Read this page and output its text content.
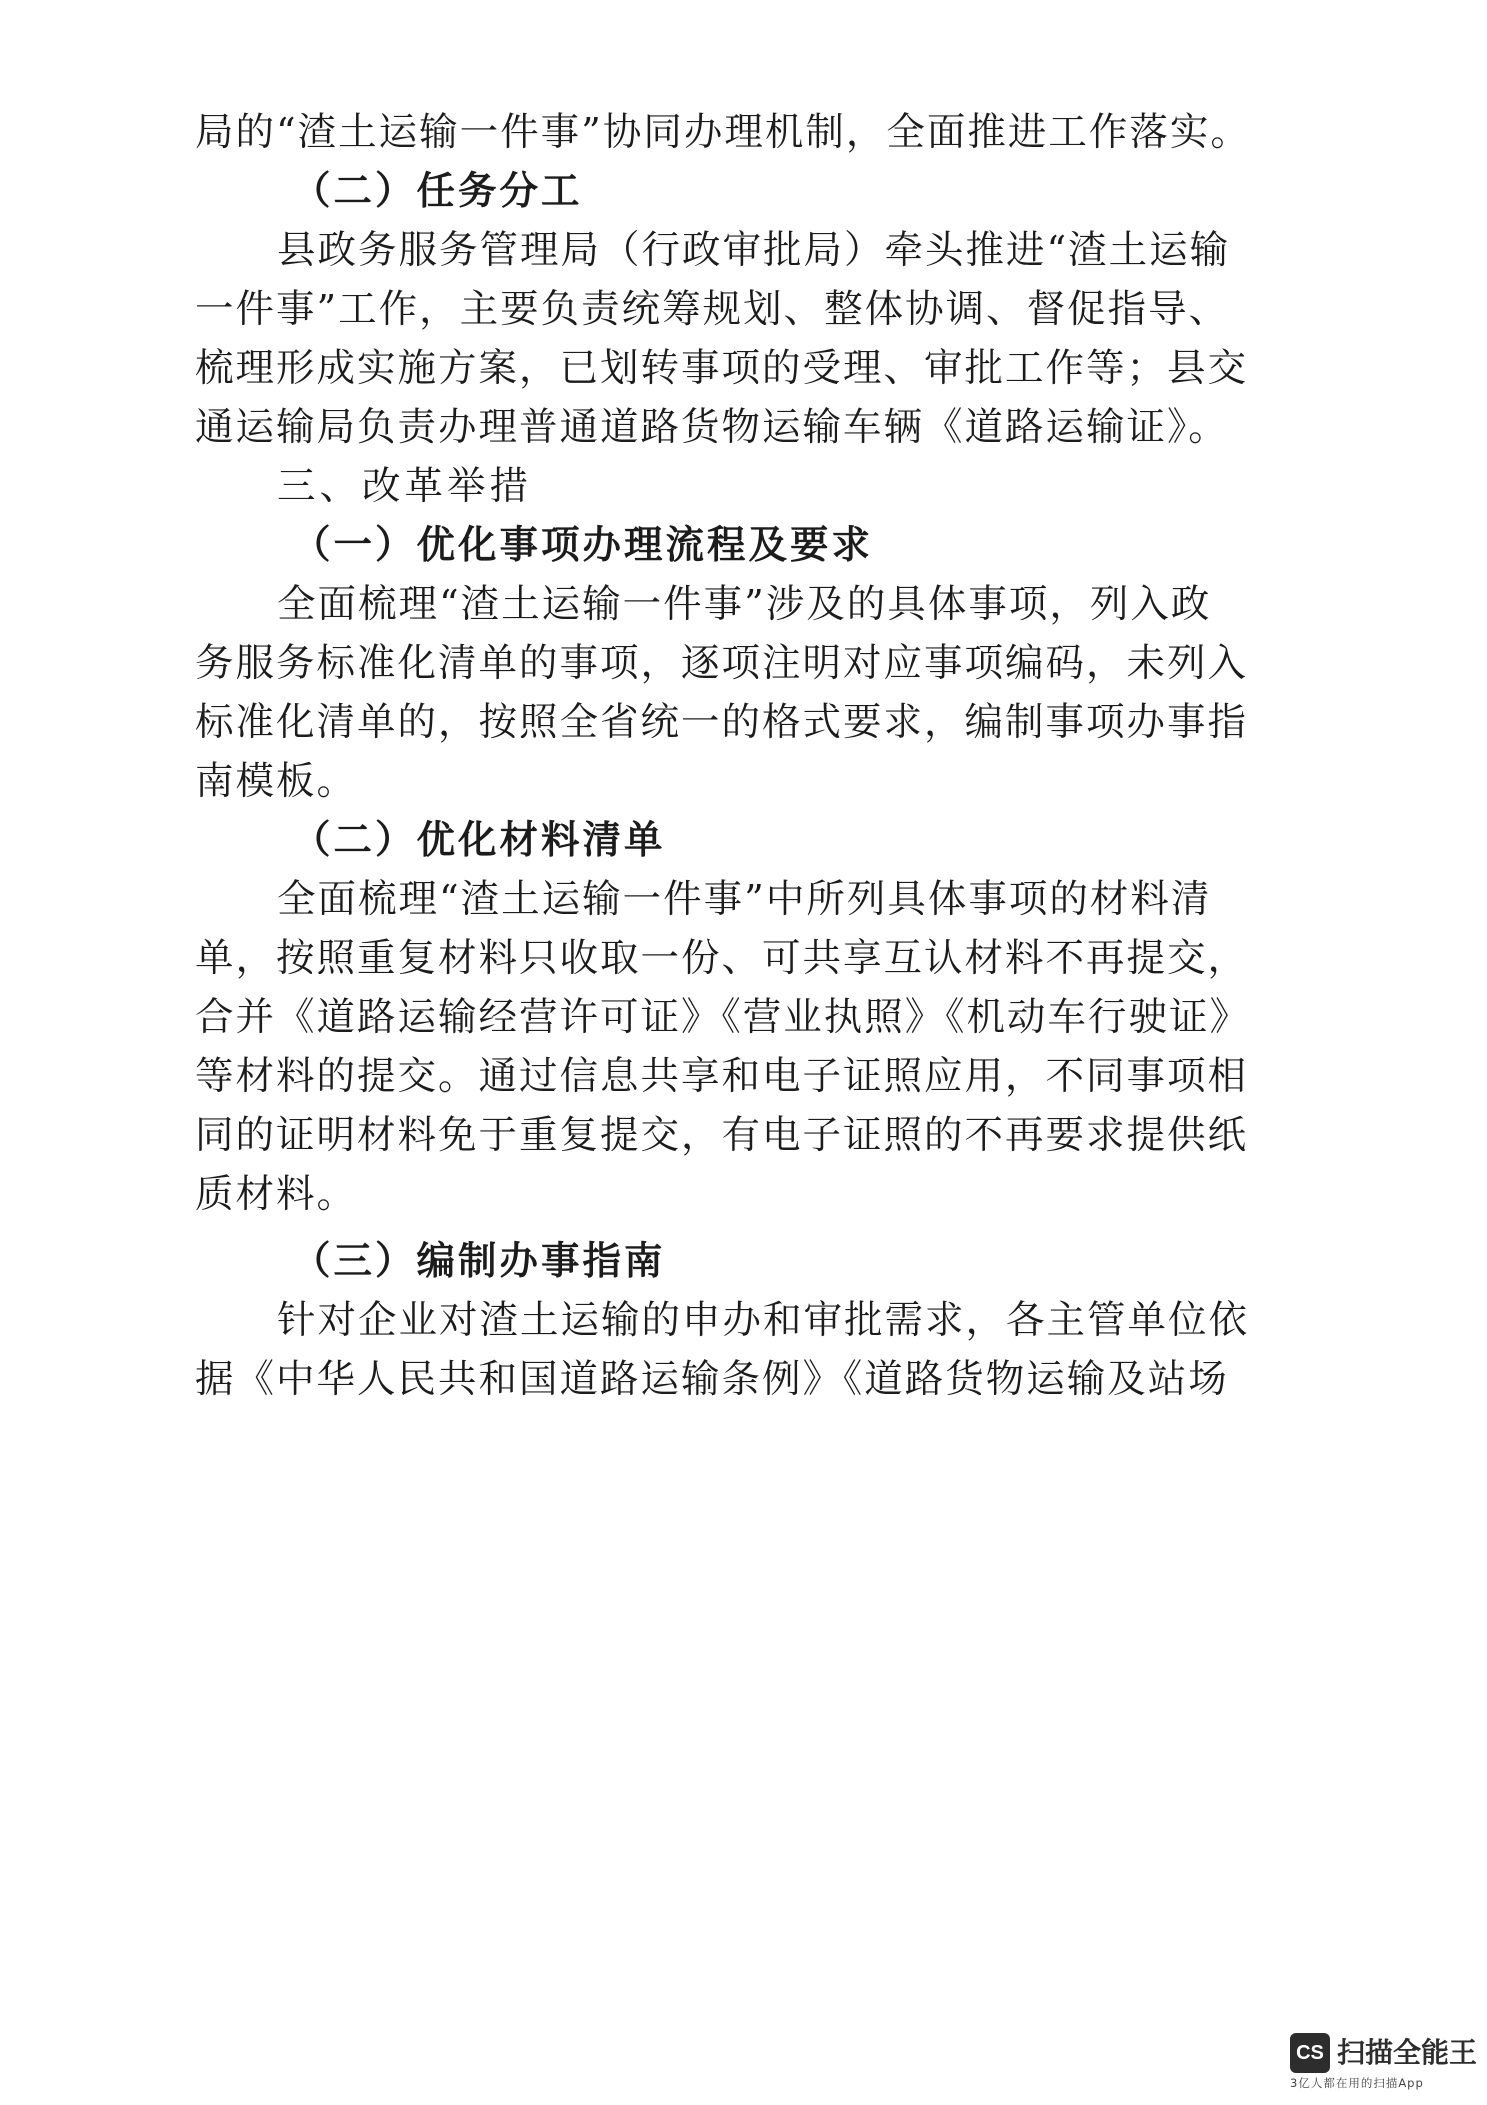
局的“渣土运输一件事”协同办理机制，全面推进工作落实。
（二）任务分工
县政务服务管理局（行政审批局）牵头推进“渣土运输
一件事”工作，主要负责统筹规划、整体协调、督促指导、
梳理形成实施方案，已划转事项的受理、审批工作等；县交
通运输局负责办理普通道路货物运输车辆《道路运输证》。
三、改革举措
（一）优化事项办理流程及要求
全面梳理“渣土运输一件事”涉及的具体事项，列入政
务服务标准化清单的事项，逐项注明对应事项编码，未列入
标准化清单的，按照全省统一的格式要求，编制事项办事指
南模板。
（二）优化材料清单
全面梳理“渣土运输一件事”中所列具体事项的材料清
单，按照重复材料只收取一份、可共享互认材料不再提交，
合并《道路运输经营许可证》《营业执照》《机动车行驶证》
等材料的提交。通过信息共享和电子证照应用，不同事项相
同的证明材料免于重复提交，有电子证照的不再要求提供纸
质材料。
（三）编制办事指南
针对企业对渣土运输的申办和审批需求，各主管单位依
据《中华人民共和国道路运输条例》《道路货物运输及站场
CS 扫描全能王
3亿人都在用的扫描App
